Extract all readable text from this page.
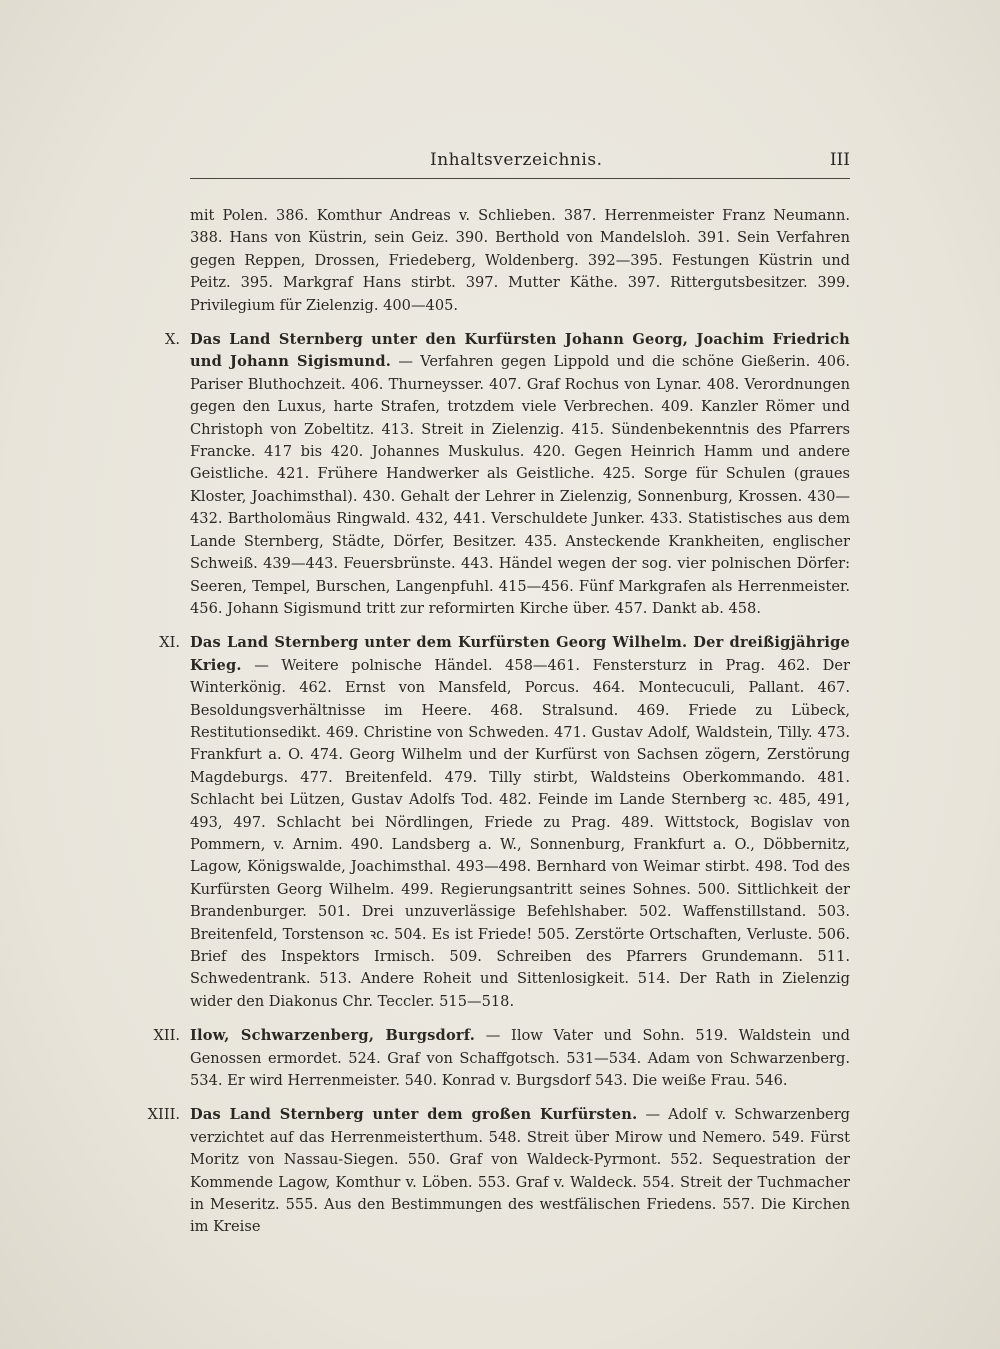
Inhaltsverzeichnis.	III
mit Polen. 386. Komthur Andreas v. Schlieben. 387. Herrenmeister Franz Neumann. 388. Hans von Küstrin, sein Geiz. 390. Berthold von Mandelsloh. 391. Sein Verfahren gegen Reppen, Drossen, Friedeberg, Woldenberg. 392—395. Festungen Küstrin und Peitz. 395. Markgraf Hans stirbt. 397. Mutter Käthe. 397. Rittergutsbesitzer. 399. Privilegium für Zielenzig. 400—405.
X. Das Land Sternberg unter den Kurfürsten Johann Georg, Joachim Friedrich und Johann Sigismund. — Verfahren gegen Lippold und die schöne Gießerin. 406. Pariser Bluthochzeit. 406. Thurneysser. 407. Graf Rochus von Lynar. 408. Verordnungen gegen den Luxus, harte Strafen, trotzdem viele Verbrechen. 409. Kanzler Römer und Christoph von Zobeltitz. 413. Streit in Zielenzig. 415. Sündenbekenntnis des Pfarrers Francke. 417 bis 420. Johannes Muskulus. 420. Gegen Heinrich Hamm und andere Geistliche. 421. Frühere Handwerker als Geistliche. 425. Sorge für Schulen (graues Kloster, Joachimsthal). 430. Gehalt der Lehrer in Zielenzig, Sonnenburg, Krossen. 430—432. Bartholomäus Ringwald. 432, 441. Verschuldete Junker. 433. Statistisches aus dem Lande Sternberg, Städte, Dörfer, Besitzer. 435. Ansteckende Krankheiten, englischer Schweiß. 439—443. Feuersbrünste. 443. Händel wegen der sog. vier polnischen Dörfer: Seeren, Tempel, Burschen, Langenpfuhl. 415—456. Fünf Markgrafen als Herrenmeister. 456. Johann Sigismund tritt zur reformirten Kirche über. 457. Dankt ab. 458.
XI. Das Land Sternberg unter dem Kurfürsten Georg Wilhelm. Der dreißigjährige Krieg. — Weitere polnische Händel. 458—461. Fenstersturz in Prag. 462. Der Winterkönig. 462. Ernst von Mansfeld, Porcus. 464. Montecuculi, Pallant. 467. Besoldungsverhältnisse im Heere. 468. Stralsund. 469. Friede zu Lübeck, Restitutionsedikt. 469. Christine von Schweden. 471. Gustav Adolf, Waldstein, Tilly. 473. Frankfurt a. O. 474. Georg Wilhelm und der Kurfürst von Sachsen zögern, Zerstörung Magdeburgs. 477. Breitenfeld. 479. Tilly stirbt, Waldsteins Oberkommando. 481. Schlacht bei Lützen, Gustav Adolfs Tod. 482. Feinde im Lande Sternberg ꝛc. 485, 491, 493, 497. Schlacht bei Nördlingen, Friede zu Prag. 489. Wittstock, Bogislav von Pommern, v. Arnim. 490. Landsberg a. W., Sonnenburg, Frankfurt a. O., Döbbernitz, Lagow, Königswalde, Joachimsthal. 493—498. Bernhard von Weimar stirbt. 498. Tod des Kurfürsten Georg Wilhelm. 499. Regierungsantritt seines Sohnes. 500. Sittlichkeit der Brandenburger. 501. Drei unzuverlässige Befehlshaber. 502. Waffenstillstand. 503. Breitenfeld, Torstenson ꝛc. 504. Es ist Friede! 505. Zerstörte Ortschaften, Verluste. 506. Brief des Inspektors Irmisch. 509. Schreiben des Pfarrers Grundemann. 511. Schwedentrank. 513. Andere Roheit und Sittenlosigkeit. 514. Der Rath in Zielenzig wider den Diakonus Chr. Teccler. 515—518.
XII. Ilow, Schwarzenberg, Burgsdorf. — Ilow Vater und Sohn. 519. Waldstein und Genossen ermordet. 524. Graf von Schaffgotsch. 531—534. Adam von Schwarzenberg. 534. Er wird Herrenmeister. 540. Konrad v. Burgsdorf 543. Die weiße Frau. 546.
XIII. Das Land Sternberg unter dem großen Kurfürsten. — Adolf v. Schwarzenberg verzichtet auf das Herrenmeisterthum. 548. Streit über Mirow und Nemero. 549. Fürst Moritz von Nassau-Siegen. 550. Graf von Waldeck-Pyrmont. 552. Sequestration der Kommende Lagow, Komthur v. Löben. 553. Graf v. Waldeck. 554. Streit der Tuchmacher in Meseritz. 555. Aus den Bestimmungen des westfälischen Friedens. 557. Die Kirchen im Kreise
